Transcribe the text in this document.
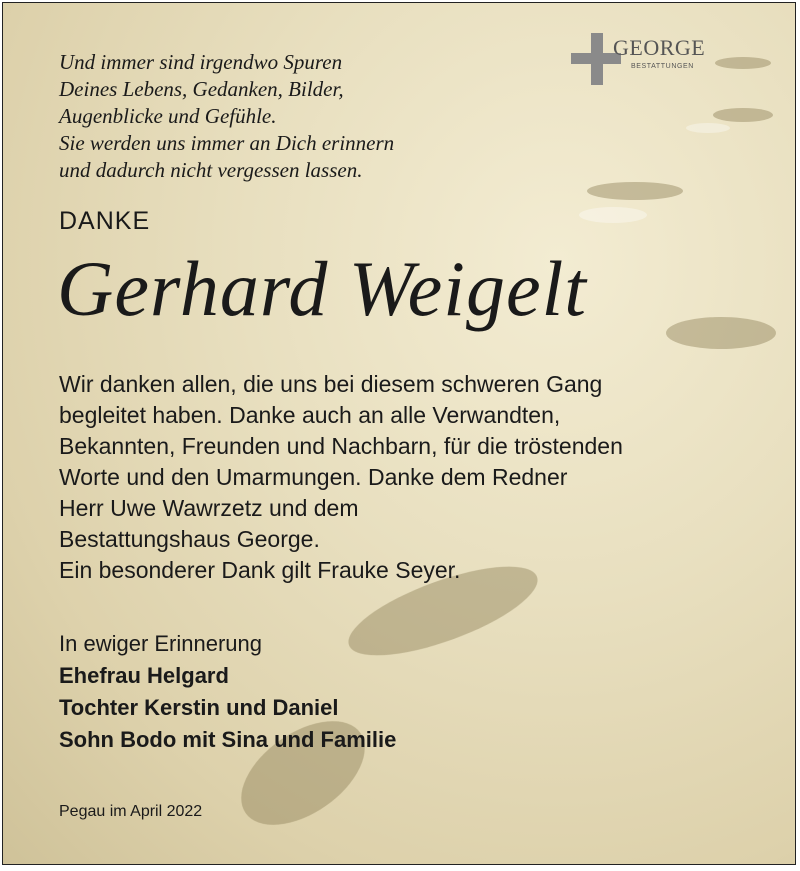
GEORGE
BESTATTUNGEN
Und immer sind irgendwo Spuren
Deines Lebens, Gedanken, Bilder,
Augenblicke und Gefühle.
Sie werden uns immer an Dich erinnern
und dadurch nicht vergessen lassen.
DANKE
Gerhard Weigelt
Wir danken allen, die uns bei diesem schweren Gang
begleitet haben. Danke auch an alle Verwandten,
Bekannten, Freunden und Nachbarn, für die tröstenden
Worte und den Umarmungen. Danke dem Redner
Herr Uwe Wawrzetz und dem
Bestattungshaus George.
Ein besonderer Dank gilt Frauke Seyer.
In ewiger Erinnerung
Ehefrau Helgard
Tochter Kerstin und Daniel
Sohn Bodo mit Sina und Familie
Pegau im April 2022
